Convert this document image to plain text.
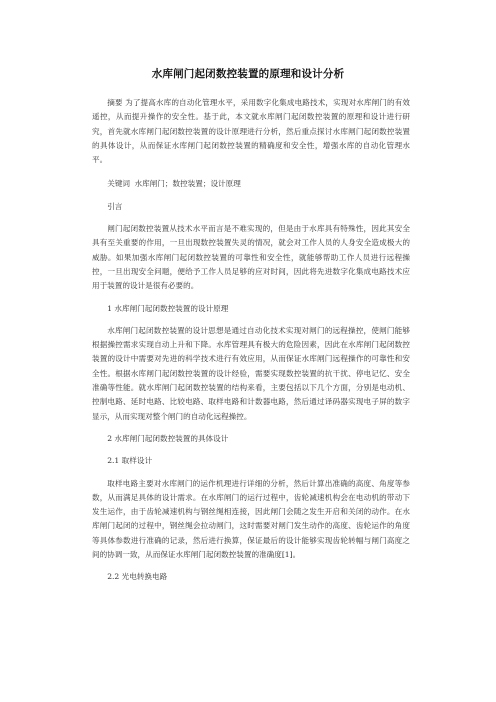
水库闸门起闭数控装置的原理和设计分析

摘要 为了提高水库的自动化管理水平，采用数字化集成电路技术，实现对水库闸门的有效遥控，从而提升操作的安全性。基于此，本文就水库闸门起闭数控装置的原理和设计进行研究，首先就水库闸门起闭数控装置的设计原理进行分析，然后重点探讨水库闸门起闭数控装置的具体设计，从而保证水库闸门起闭数控装置的精确度和安全性，增强水库的自动化管理水平。

关键词 水库闸门；数控装置；设计原理

引言

闸门起闭数控装置从技术水平而言是不难实现的，但是由于水库具有特殊性，因此其安全具有至关重要的作用，一旦出现数控装置失灵的情况，就会对工作人员的人身安全造成极大的威胁。如果加强水库闸门起闭数控装置的可靠性和安全性，就能够帮助工作人员进行远程操控，一旦出现安全问题，便给予工作人员足够的应对时间，因此将先进数字化集成电路技术应用于装置的设计是很有必要的。

1 水库闸门起闭数控装置的设计原理

水库闸门起闭数控装置的设计思想是通过自动化技术实现对闸门的远程操控，使闸门能够根据操控需求实现自动上升和下降。水库管理具有极大的危险因素，因此在水库闸门起闭数控装置的设计中需要对先进的科学技术进行有效应用，从而保证水库闸门远程操作的可靠性和安全性。根据水库闸门起闭数控装置的设计经验，需要实现数控装置的抗干扰、停电记忆、安全准确等性能。就水库闸门起闭数控装置的结构来看，主要包括以下几个方面，分别是电动机、控制电路、延时电路、比较电路、取样电路和计数器电路，然后通过译码器实现电子屏的数字显示，从而实现对整个闸门的自动化远程操控。

2 水库闸门起闭数控装置的具体设计

2.1 取样设计

取样电路主要对水库闸门的运作机理进行详细的分析，然后计算出准确的高度、角度等参数，从而满足具体的设计需求。在水库闸门的运行过程中，齿轮减速机构会在电动机的带动下发生运作，由于齿轮减速机构与钢丝绳相连接，因此闸门会随之发生开启和关闭的动作。在水库闸门起闭的过程中，钢丝绳会拉动闸门，这时需要对闸门发生动作的高度、齿轮运作的角度等具体参数进行准确的记录，然后进行换算，保证最后的设计能够实现齿轮转幅与闸门高度之间的协调一致，从而保证水库闸门起闭数控装置的准确度[1]。

2.2 光电转换电路
